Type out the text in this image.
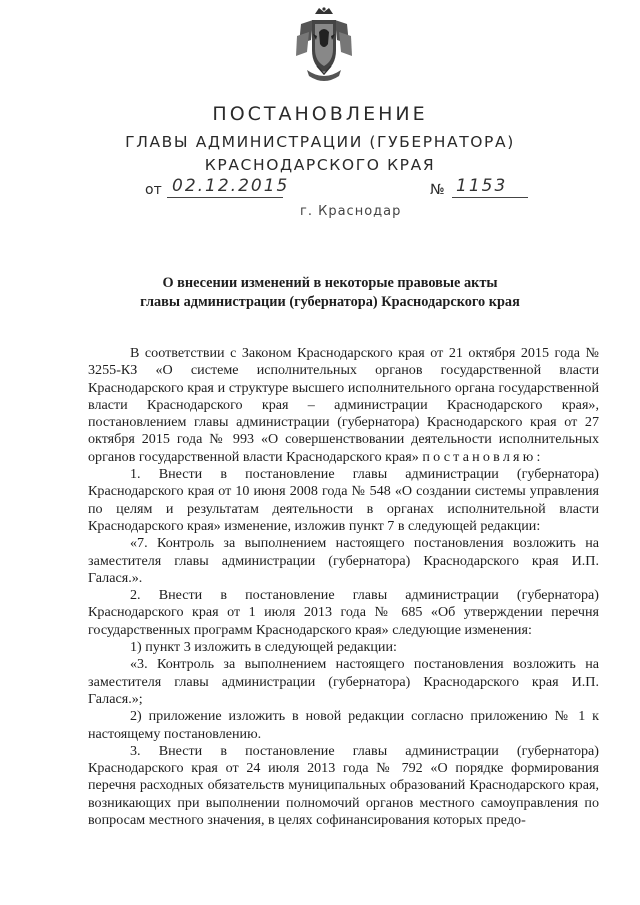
ПОСТАНОВЛЕНИЕ
ГЛАВЫ АДМИНИСТРАЦИИ (ГУБЕРНАТОРА)
КРАСНОДАРСКОГО КРАЯ
от 02.12.2015	№ 1153
г. Краснодар
О внесении изменений в некоторые правовые акты
главы администрации (губернатора) Краснодарского края

В соответствии с Законом Краснодарского края от 21 октября 2015 года № 3255-КЗ «О системе исполнительных органов государственной власти Краснодарского края и структуре высшего исполнительного органа государственной власти Краснодарского края – администрации Краснодарского края», постановлением главы администрации (губернатора) Краснодарского края от 27 октября 2015 года № 993 «О совершенствовании деятельности исполнительных органов государственной власти Краснодарского края» постановляю:

1. Внести в постановление главы администрации (губернатора) Краснодарского края от 10 июня 2008 года № 548 «О создании системы управления по целям и результатам деятельности в органах исполнительной власти Краснодарского края» изменение, изложив пункт 7 в следующей редакции:

«7. Контроль за выполнением настоящего постановления возложить на заместителя главы администрации (губернатора) Краснодарского края И.П. Галася.».

2. Внести в постановление главы администрации (губернатора) Краснодарского края от 1 июля 2013 года № 685 «Об утверждении перечня государственных программ Краснодарского края» следующие изменения:

1) пункт 3 изложить в следующей редакции:

«3. Контроль за выполнением настоящего постановления возложить на заместителя главы администрации (губернатора) Краснодарского края И.П. Галася.»;

2) приложение изложить в новой редакции согласно приложению № 1 к настоящему постановлению.

3. Внести в постановление главы администрации (губернатора) Краснодарского края от 24 июля 2013 года № 792 «О порядке формирования перечня расходных обязательств муниципальных образований Краснодарского края, возникающих при выполнении полномочий органов местного самоуправления по вопросам местного значения, в целях софинансирования которых предо-
